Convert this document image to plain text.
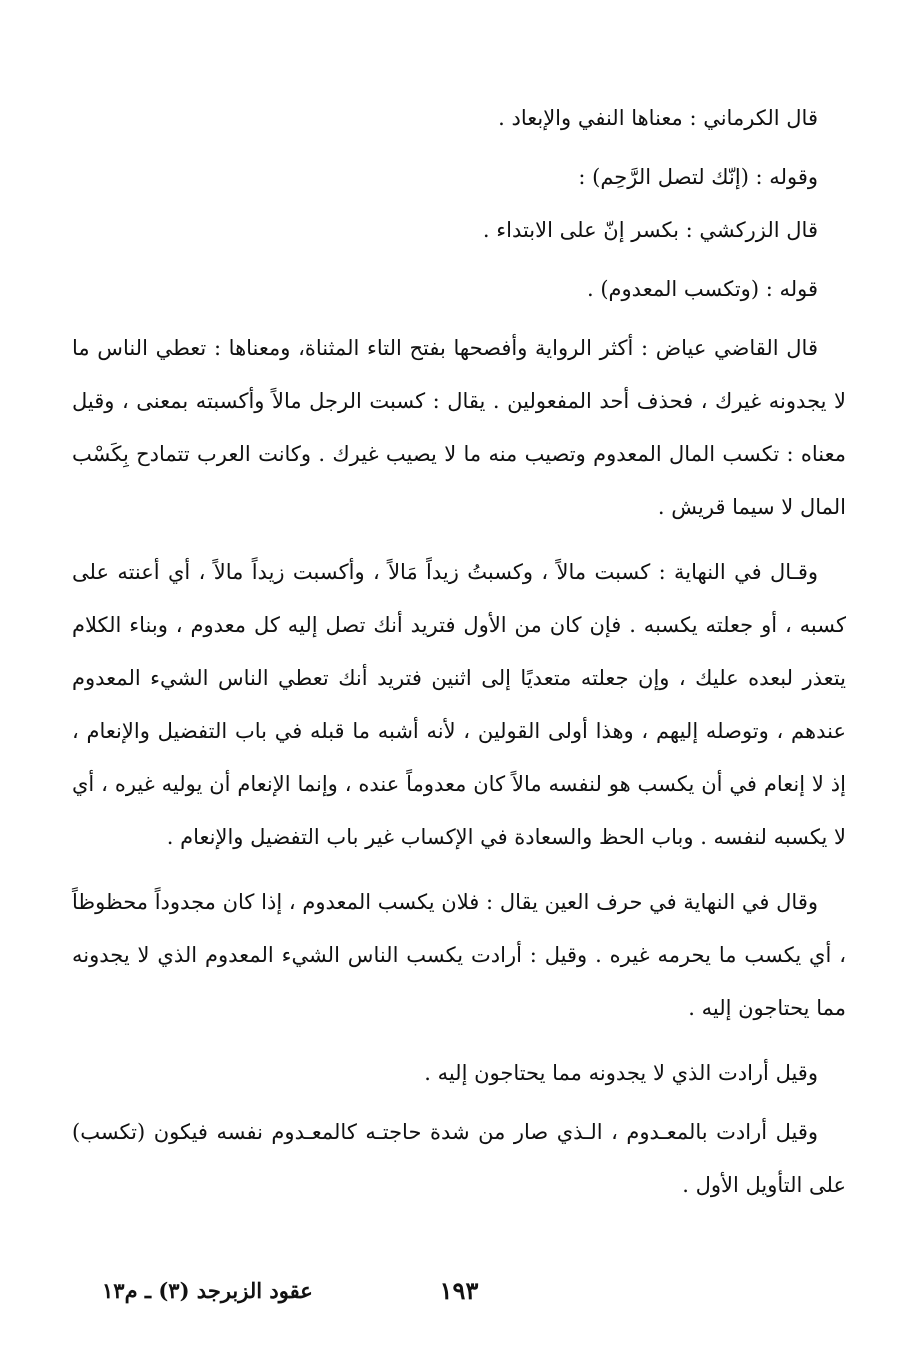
قال الكرماني : معناها النفي والإبعاد .

وقوله : (إنّك لتصل الرَّحِم) :

قال الزركشي : بكسر إنّ على الابتداء .

قوله : (وتكسب المعدوم) .

قال القاضي عياض : أكثر الرواية وأفصحها بفتح التاء المثناة، ومعناها : تعطي الناس ما لا يجدونه غيرك ، فحذف أحد المفعولين . يقال : كسبت الرجل مالاً وأكسبته بمعنى ، وقيل معناه : تكسب المال المعدوم وتصيب منه ما لا يصيب غيرك . وكانت العرب تتمادح بِكَسْب المال لا سيما قريش .

وقـال في النهاية : كسبت مالاً ، وكسبتُ زيداً مَالاً ، وأكسبت زيداً مالاً ، أي أعنته على كسبه ، أو جعلته يكسبه . فإن كان من الأول فتريد أنك تصل إليه كل معدوم ، وبناء الكلام يتعذر لبعده عليك ، وإن جعلته متعديًا إلى اثنين فتريد أنك تعطي الناس الشيء المعدوم عندهم ، وتوصله إليهم ، وهذا أولى القولين ، لأنه أشبه ما قبله في باب التفضيل والإنعام ، إذ لا إنعام في أن يكسب هو لنفسه مالاً كان معدوماً عنده ، وإنما الإنعام أن يوليه غيره ، أي لا يكسبه لنفسه . وباب الحظ والسعادة في الإكساب غير باب التفضيل والإنعام .

وقال في النهاية في حرف العين يقال : فلان يكسب المعدوم ، إذا كان مجدوداً محظوظاً ، أي يكسب ما يحرمه غيره . وقيل : أرادت يكسب الناس الشيء المعدوم الذي لا يجدونه مما يحتاجون إليه .

وقيل أرادت الذي لا يجدونه مما يحتاجون إليه .

وقيل أرادت بالمعـدوم ، الـذي صار من شدة حاجتـه كالمعـدوم نفسه فيكون (تكسب) على التأويل الأول .

١٩٣
عقود الزبرجد (٣) ـ م١٣
